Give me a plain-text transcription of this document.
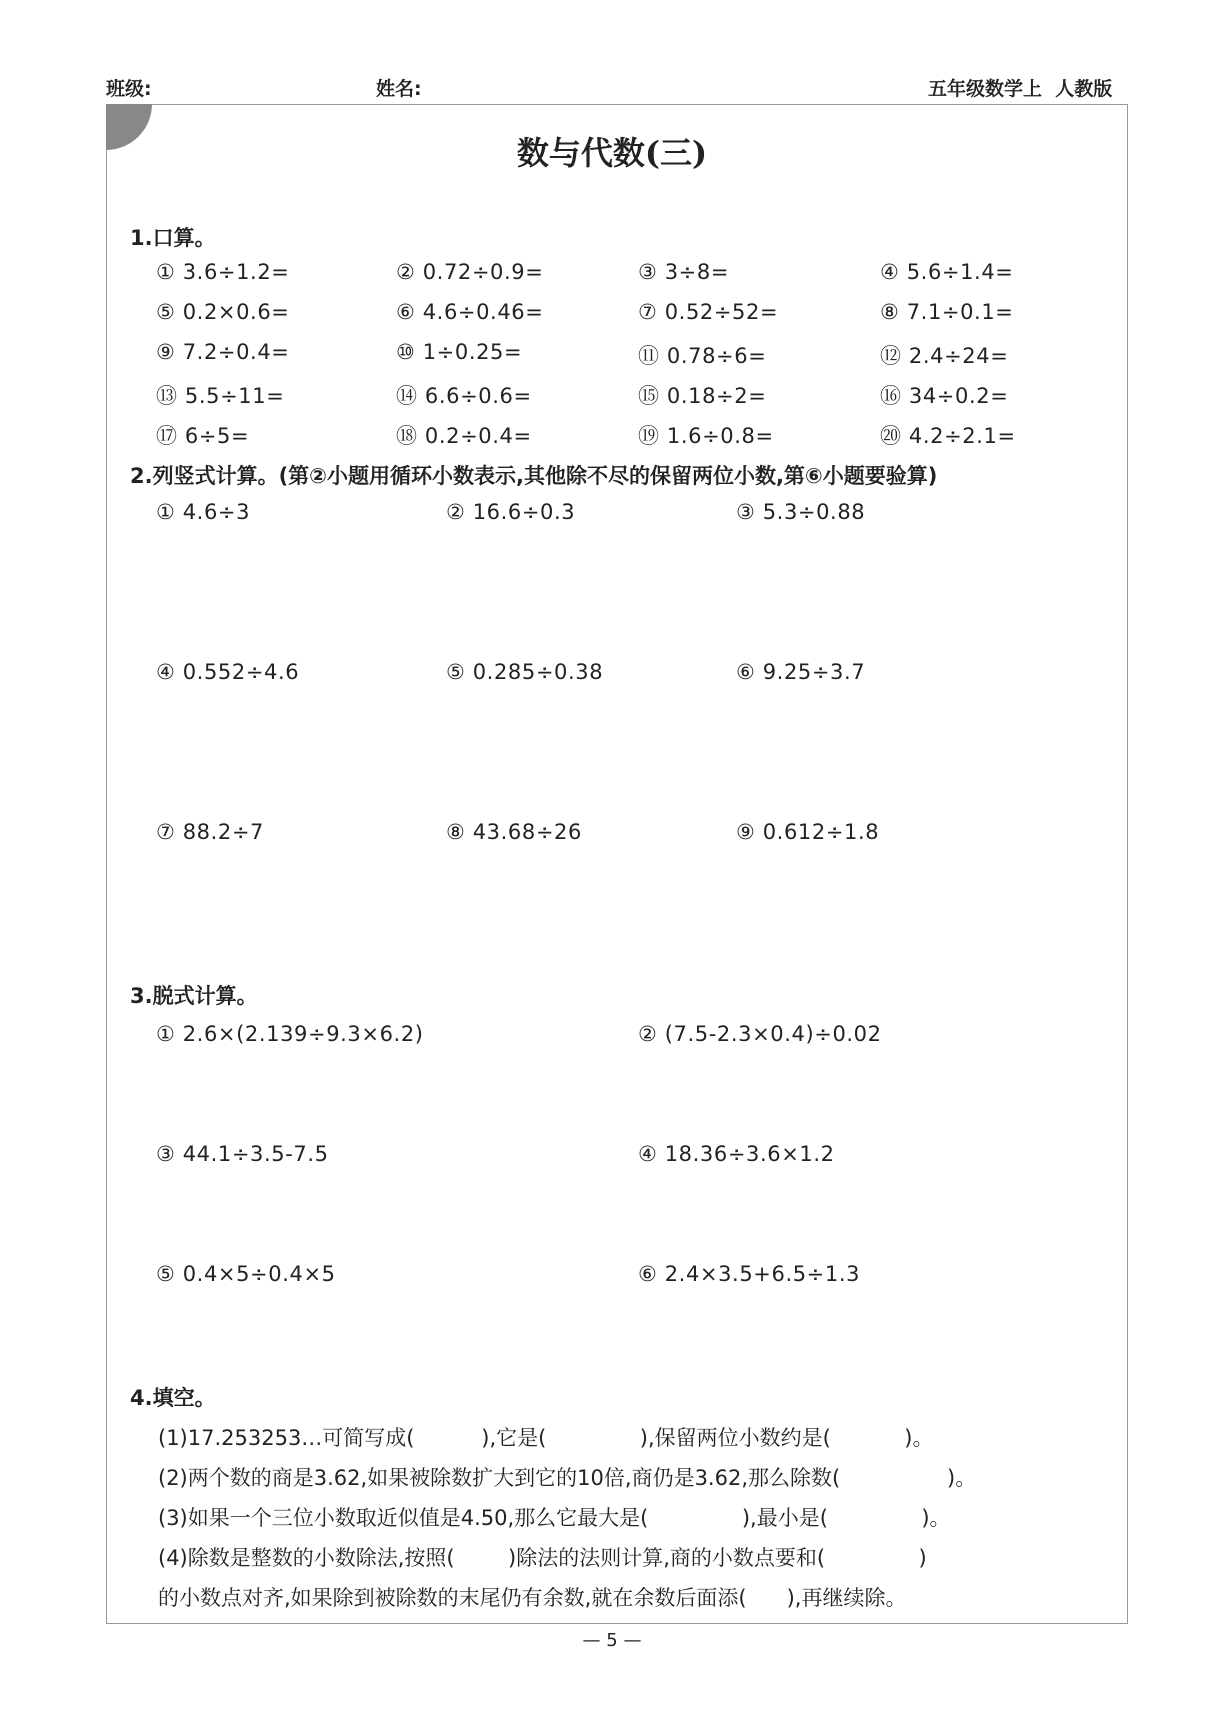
班级:	姓名:	五年级数学上  人教版
数与代数(三)
1.口算。
① 3.6÷1.2=	② 0.72÷0.9=	③ 3÷8=	④ 5.6÷1.4=
⑤ 0.2×0.6=	⑥ 4.6÷0.46=	⑦ 0.52÷52=	⑧ 7.1÷0.1=
⑨ 7.2÷0.4=	⑩ 1÷0.25=	⑪ 0.78÷6=	⑫ 2.4÷24=
⑬ 5.5÷11=	⑭ 6.6÷0.6=	⑮ 0.18÷2=	⑯ 34÷0.2=
⑰ 6÷5=	⑱ 0.2÷0.4=	⑲ 1.6÷0.8=	⑳ 4.2÷2.1=
2.列竖式计算。(第②小题用循环小数表示,其他除不尽的保留两位小数,第⑥小题要验算)
① 4.6÷3	② 16.6÷0.3	③ 5.3÷0.88
④ 0.552÷4.6	⑤ 0.285÷0.38	⑥ 9.25÷3.7
⑦ 88.2÷7	⑧ 43.68÷26	⑨ 0.612÷1.8
3.脱式计算。
① 2.6×(2.139÷9.3×6.2)	② (7.5-2.3×0.4)÷0.02
③ 44.1÷3.5-7.5	④ 18.36÷3.6×1.2
⑤ 0.4×5÷0.4×5	⑥ 2.4×3.5+6.5÷1.3
4.填空。
(1)17.253253…可简写成(          ),它是(              ),保留两位小数约是(           )。
(2)两个数的商是3.62,如果被除数扩大到它的10倍,商仍是3.62,那么除数(                )。
(3)如果一个三位小数取近似值是4.50,那么它最大是(              ),最小是(              )。
(4)除数是整数的小数除法,按照(        )除法的法则计算,商的小数点要和(              )
的小数点对齐,如果除到被除数的末尾仍有余数,就在余数后面添(      ),再继续除。
— 5 —
